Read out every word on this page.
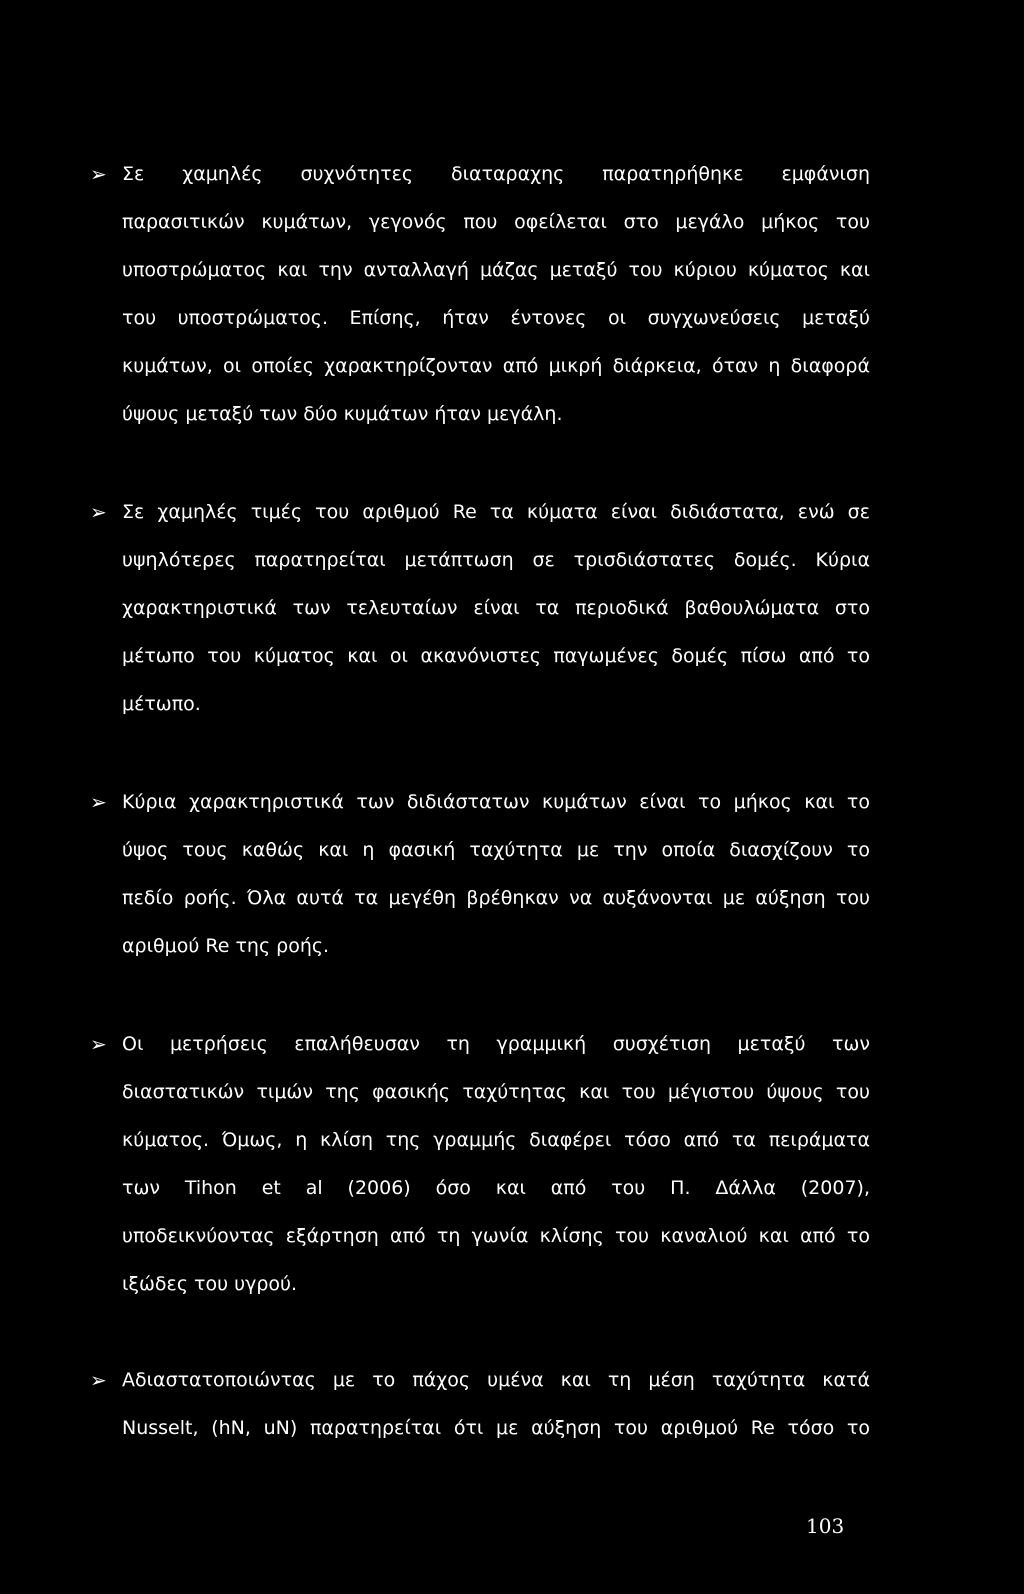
➢ Σε χαμηλές συχνότητες διαταραχης παρατηρήθηκε εμφάνιση
παρασιτικών κυμάτων, γεγονός που οφείλεται στο μεγάλο μήκος του
υποστρώματος και την ανταλλαγή μάζας μεταξύ του κύριου κύματος και
του υποστρώματος. Επίσης, ήταν έντονες οι συγχωνεύσεις μεταξύ
κυμάτων, οι οποίες χαρακτηρίζονταν από μικρή διάρκεια, όταν η διαφορά
ύψους μεταξύ των δύο κυμάτων ήταν μεγάλη.
➢ Σε χαμηλές τιμές του αριθμού Re τα κύματα είναι διδιάστατα, ενώ σε
υψηλότερες παρατηρείται μετάπτωση σε τρισδιάστατες δομές. Κύρια
χαρακτηριστικά των τελευταίων είναι τα περιοδικά βαθουλώματα στο
μέτωπο του κύματος και οι ακανόνιστες παγωμένες δομές πίσω από το
μέτωπο.
➢ Κύρια χαρακτηριστικά των διδιάστατων κυμάτων είναι το μήκος και το
ύψος τους καθώς και η φασική ταχύτητα με την οποία διασχίζουν το
πεδίο ροής. Όλα αυτά τα μεγέθη βρέθηκαν να αυξάνονται με αύξηση του
αριθμού Re της ροής.
➢ Οι μετρήσεις επαλήθευσαν τη γραμμική συσχέτιση μεταξύ των
διαστατικών τιμών της φασικής ταχύτητας και του μέγιστου ύψους του
κύματος. Όμως, η κλίση της γραμμής διαφέρει τόσο από τα πειράματα
των Tihon et al (2006) όσο και από του Π. Δάλλα (2007),
υποδεικνύοντας εξάρτηση από τη γωνία κλίσης του καναλιού και από το
ιξώδες του υγρού.
➢ Αδιαστατοποιώντας με το πάχος υμένα και τη μέση ταχύτητα κατά
Nusselt, (hN, uN) παρατηρείται ότι με αύξηση του αριθμού Re τόσο το
103
